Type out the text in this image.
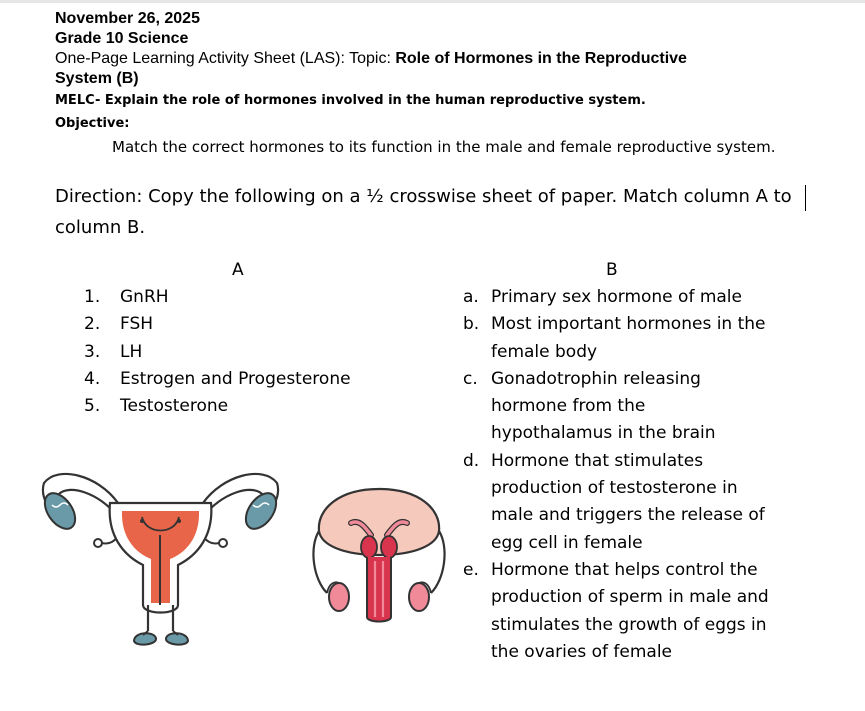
November 26, 2025
Grade 10 Science
One-Page Learning Activity Sheet (LAS): Topic: Role of Hormones in the Reproductive
System (B)
MELC- Explain the role of hormones involved in the human reproductive system.
Objective:
Match the correct hormones to its function in the male and female reproductive system.
Direction: Copy the following on a ½ crosswise sheet of paper. Match column A to
column B.
A	B
1. GnRH
2. FSH
3. LH
4. Estrogen and Progesterone
5. Testosterone
a. Primary sex hormone of male
b. Most important hormones in the
female body
c. Gonadotrophin releasing
hormone from the
hypothalamus in the brain
d. Hormone that stimulates
production of testosterone in
male and triggers the release of
egg cell in female
e. Hormone that helps control the
production of sperm in male and
stimulates the growth of eggs in
the ovaries of female
